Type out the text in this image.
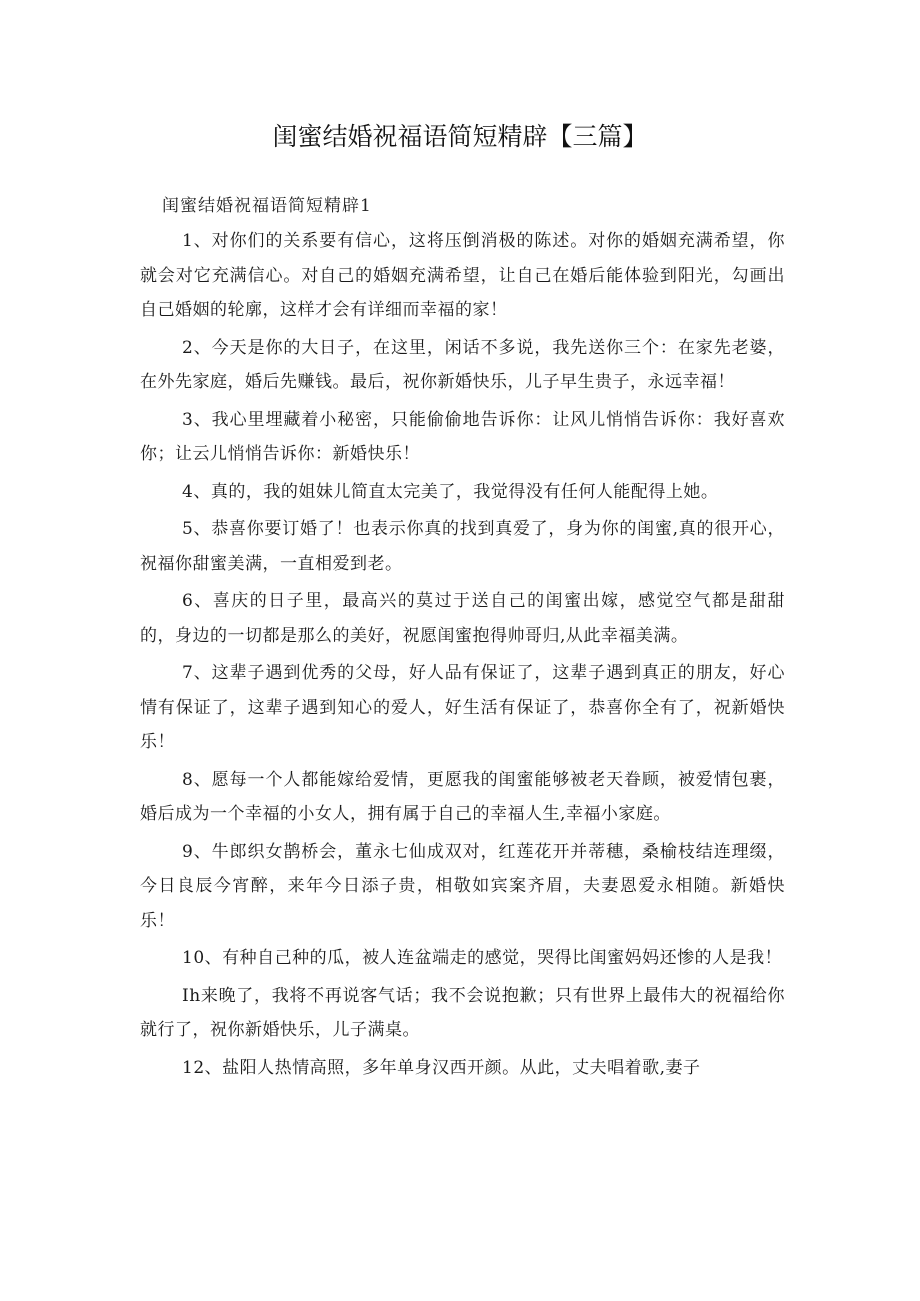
闺蜜结婚祝福语简短精辟【三篇】
闺蜜结婚祝福语简短精辟1

1、对你们的关系要有信心，这将压倒消极的陈述。对你的婚姻充满希望，你就会对它充满信心。对自己的婚姻充满希望，让自己在婚后能体验到阳光，勾画出自己婚姻的轮廓，这样才会有详细而幸福的家！

2、今天是你的大日子，在这里，闲话不多说，我先送你三个：在家先老婆，在外先家庭，婚后先赚钱。最后，祝你新婚快乐，儿子早生贵子，永远幸福！

3、我心里埋藏着小秘密，只能偷偷地告诉你：让风儿悄悄告诉你：我好喜欢你；让云儿悄悄告诉你：新婚快乐！

4、真的，我的姐妹儿简直太完美了，我觉得没有任何人能配得上她。

5、恭喜你要订婚了！也表示你真的找到真爱了，身为你的闺蜜,真的很开心，祝福你甜蜜美满，一直相爱到老。

6、喜庆的日子里，最高兴的莫过于送自己的闺蜜出嫁，感觉空气都是甜甜的，身边的一切都是那么的美好，祝愿闺蜜抱得帅哥归,从此幸福美满。

7、这辈子遇到优秀的父母，好人品有保证了，这辈子遇到真正的朋友，好心情有保证了，这辈子遇到知心的爱人，好生活有保证了，恭喜你全有了，祝新婚快乐！

8、愿每一个人都能嫁给爱情，更愿我的闺蜜能够被老天眷顾，被爱情包裹，婚后成为一个幸福的小女人，拥有属于自己的幸福人生,幸福小家庭。

9、牛郎织女鹊桥会，董永七仙成双对，红莲花开并蒂穗，桑榆枝结连理缀，今日良辰今宵醉，来年今日添子贵，相敬如宾案齐眉，夫妻恩爱永相随。新婚快乐！

10、有种自己种的瓜，被人连盆端走的感觉，哭得比闺蜜妈妈还惨的人是我！

Ih来晚了，我将不再说客气话；我不会说抱歉；只有世界上最伟大的祝福给你就行了，祝你新婚快乐，儿子满桌。

12、盐阳人热情高照，多年单身汉西开颜。从此，丈夫唱着歌,妻子
